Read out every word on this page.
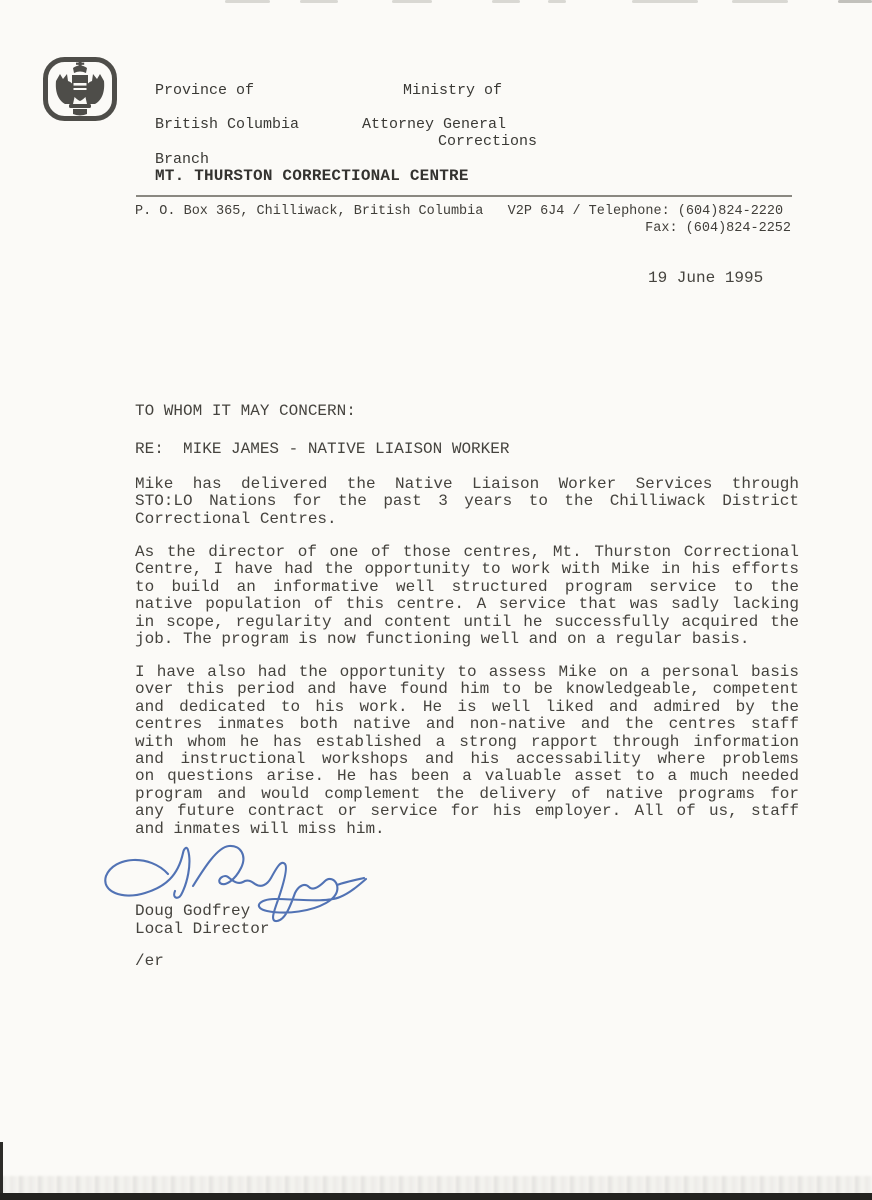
Province of	Ministry of
British Columbia	Attorney General
Corrections
Branch
MT. THURSTON CORRECTIONAL CENTRE
P. O. Box 365, Chilliwack, British Columbia   V2P 6J4 / Telephone: (604)824-2220
Fax: (604)824-2252
19 June 1995
TO WHOM IT MAY CONCERN:
RE:  MIKE JAMES - NATIVE LIAISON WORKER
Mike has delivered the Native Liaison Worker Services through
STO:LO Nations for the past 3 years to the Chilliwack District
Correctional Centres.
As the director of one of those centres, Mt. Thurston Correctional
Centre, I have had the opportunity to work with Mike in his efforts
to build an informative well structured program service to the
native population of this centre. A service that was sadly lacking
in scope, regularity and content until he successfully acquired the
job. The program is now functioning well and on a regular basis.
I have also had the opportunity to assess Mike on a personal basis
over this period and have found him to be knowledgeable, competent
and dedicated to his work. He is well liked and admired by the
centres inmates both native and non-native and the centres staff
with whom he has established a strong rapport through information
and instructional workshops and his accessability where problems
on questions arise. He has been a valuable asset to a much needed
program and would complement the delivery of native programs for
any future contract or service for his employer. All of us, staff
and inmates will miss him.
Doug Godfrey
Local Director
/er
